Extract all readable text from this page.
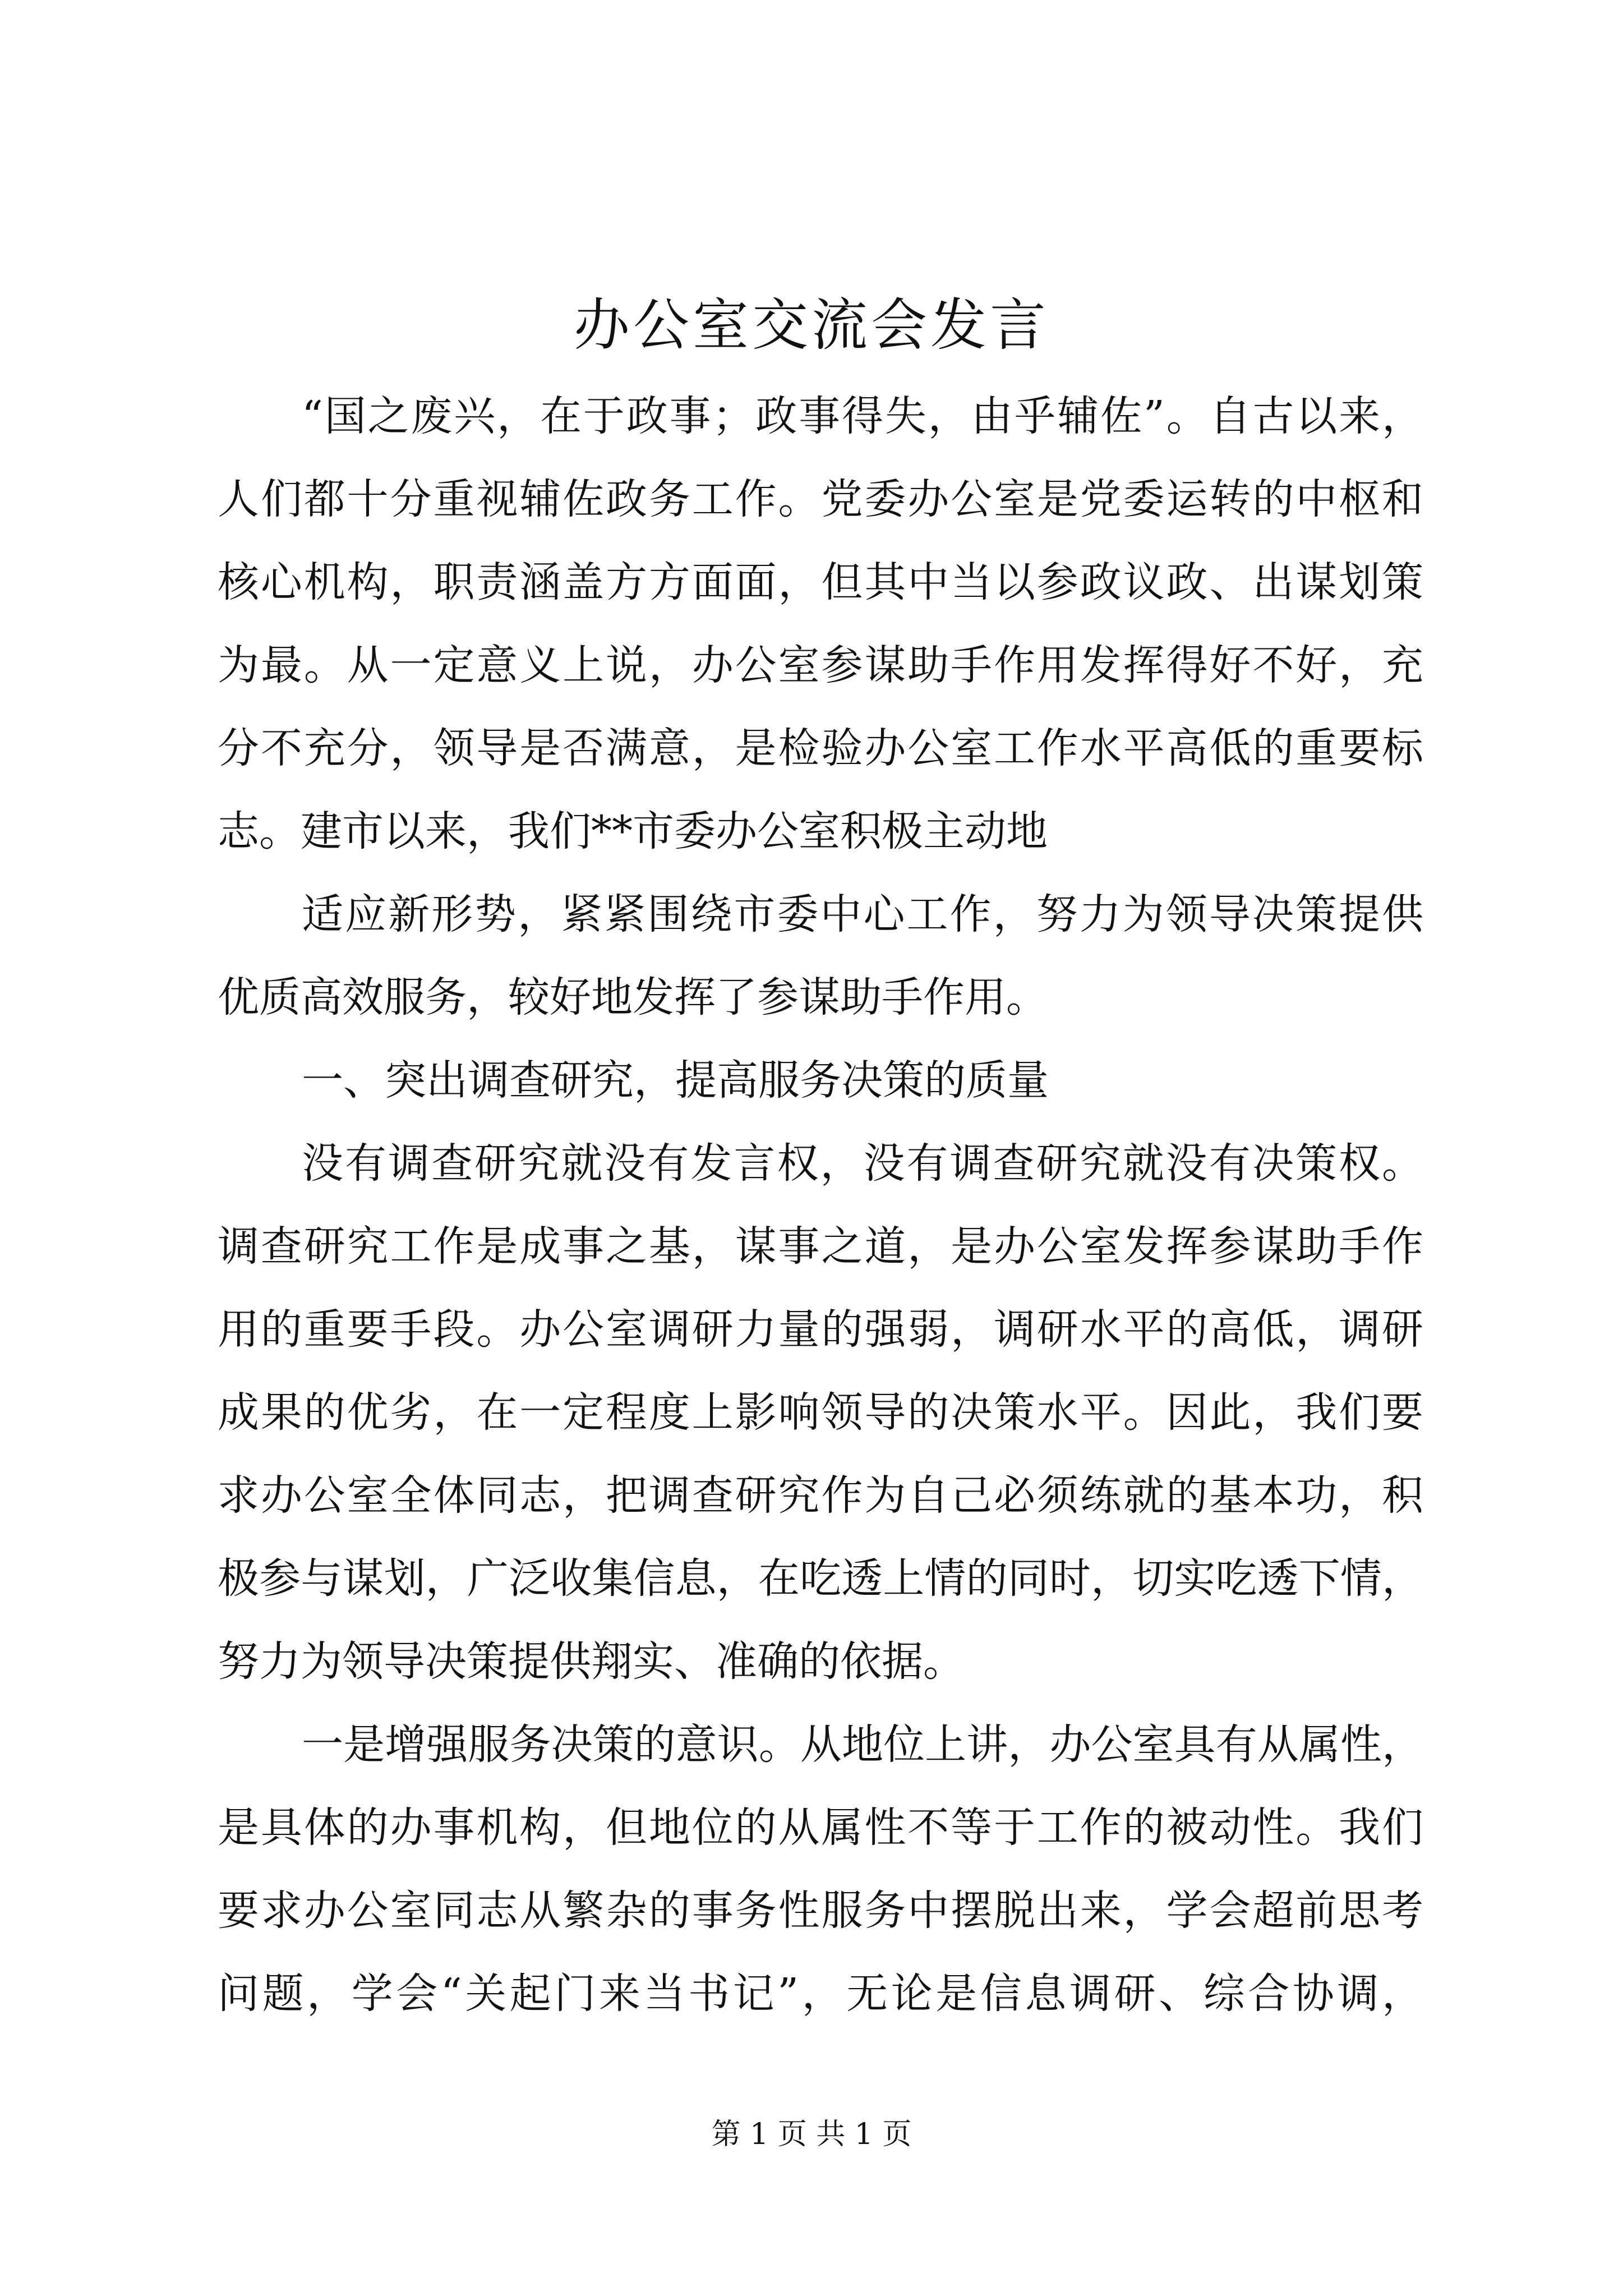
办公室交流会发言
“国之废兴，在于政事；政事得失，由乎辅佐”。自古以来，
人们都十分重视辅佐政务工作。党委办公室是党委运转的中枢和
核心机构，职责涵盖方方面面，但其中当以参政议政、出谋划策
为最。从一定意义上说，办公室参谋助手作用发挥得好不好，充
分不充分，领导是否满意，是检验办公室工作水平高低的重要标
志。建市以来，我们**市委办公室积极主动地
适应新形势，紧紧围绕市委中心工作，努力为领导决策提供
优质高效服务，较好地发挥了参谋助手作用。
一、突出调查研究，提高服务决策的质量
没有调查研究就没有发言权，没有调查研究就没有决策权。
调查研究工作是成事之基，谋事之道，是办公室发挥参谋助手作
用的重要手段。办公室调研力量的强弱，调研水平的高低，调研
成果的优劣，在一定程度上影响领导的决策水平。因此，我们要
求办公室全体同志，把调查研究作为自己必须练就的基本功，积
极参与谋划，广泛收集信息，在吃透上情的同时，切实吃透下情，
努力为领导决策提供翔实、准确的依据。
一是增强服务决策的意识。从地位上讲，办公室具有从属性，
是具体的办事机构，但地位的从属性不等于工作的被动性。我们
要求办公室同志从繁杂的事务性服务中摆脱出来，学会超前思考
问题，学会“关起门来当书记”，无论是信息调研、综合协调，
第 1 页 共 1 页
